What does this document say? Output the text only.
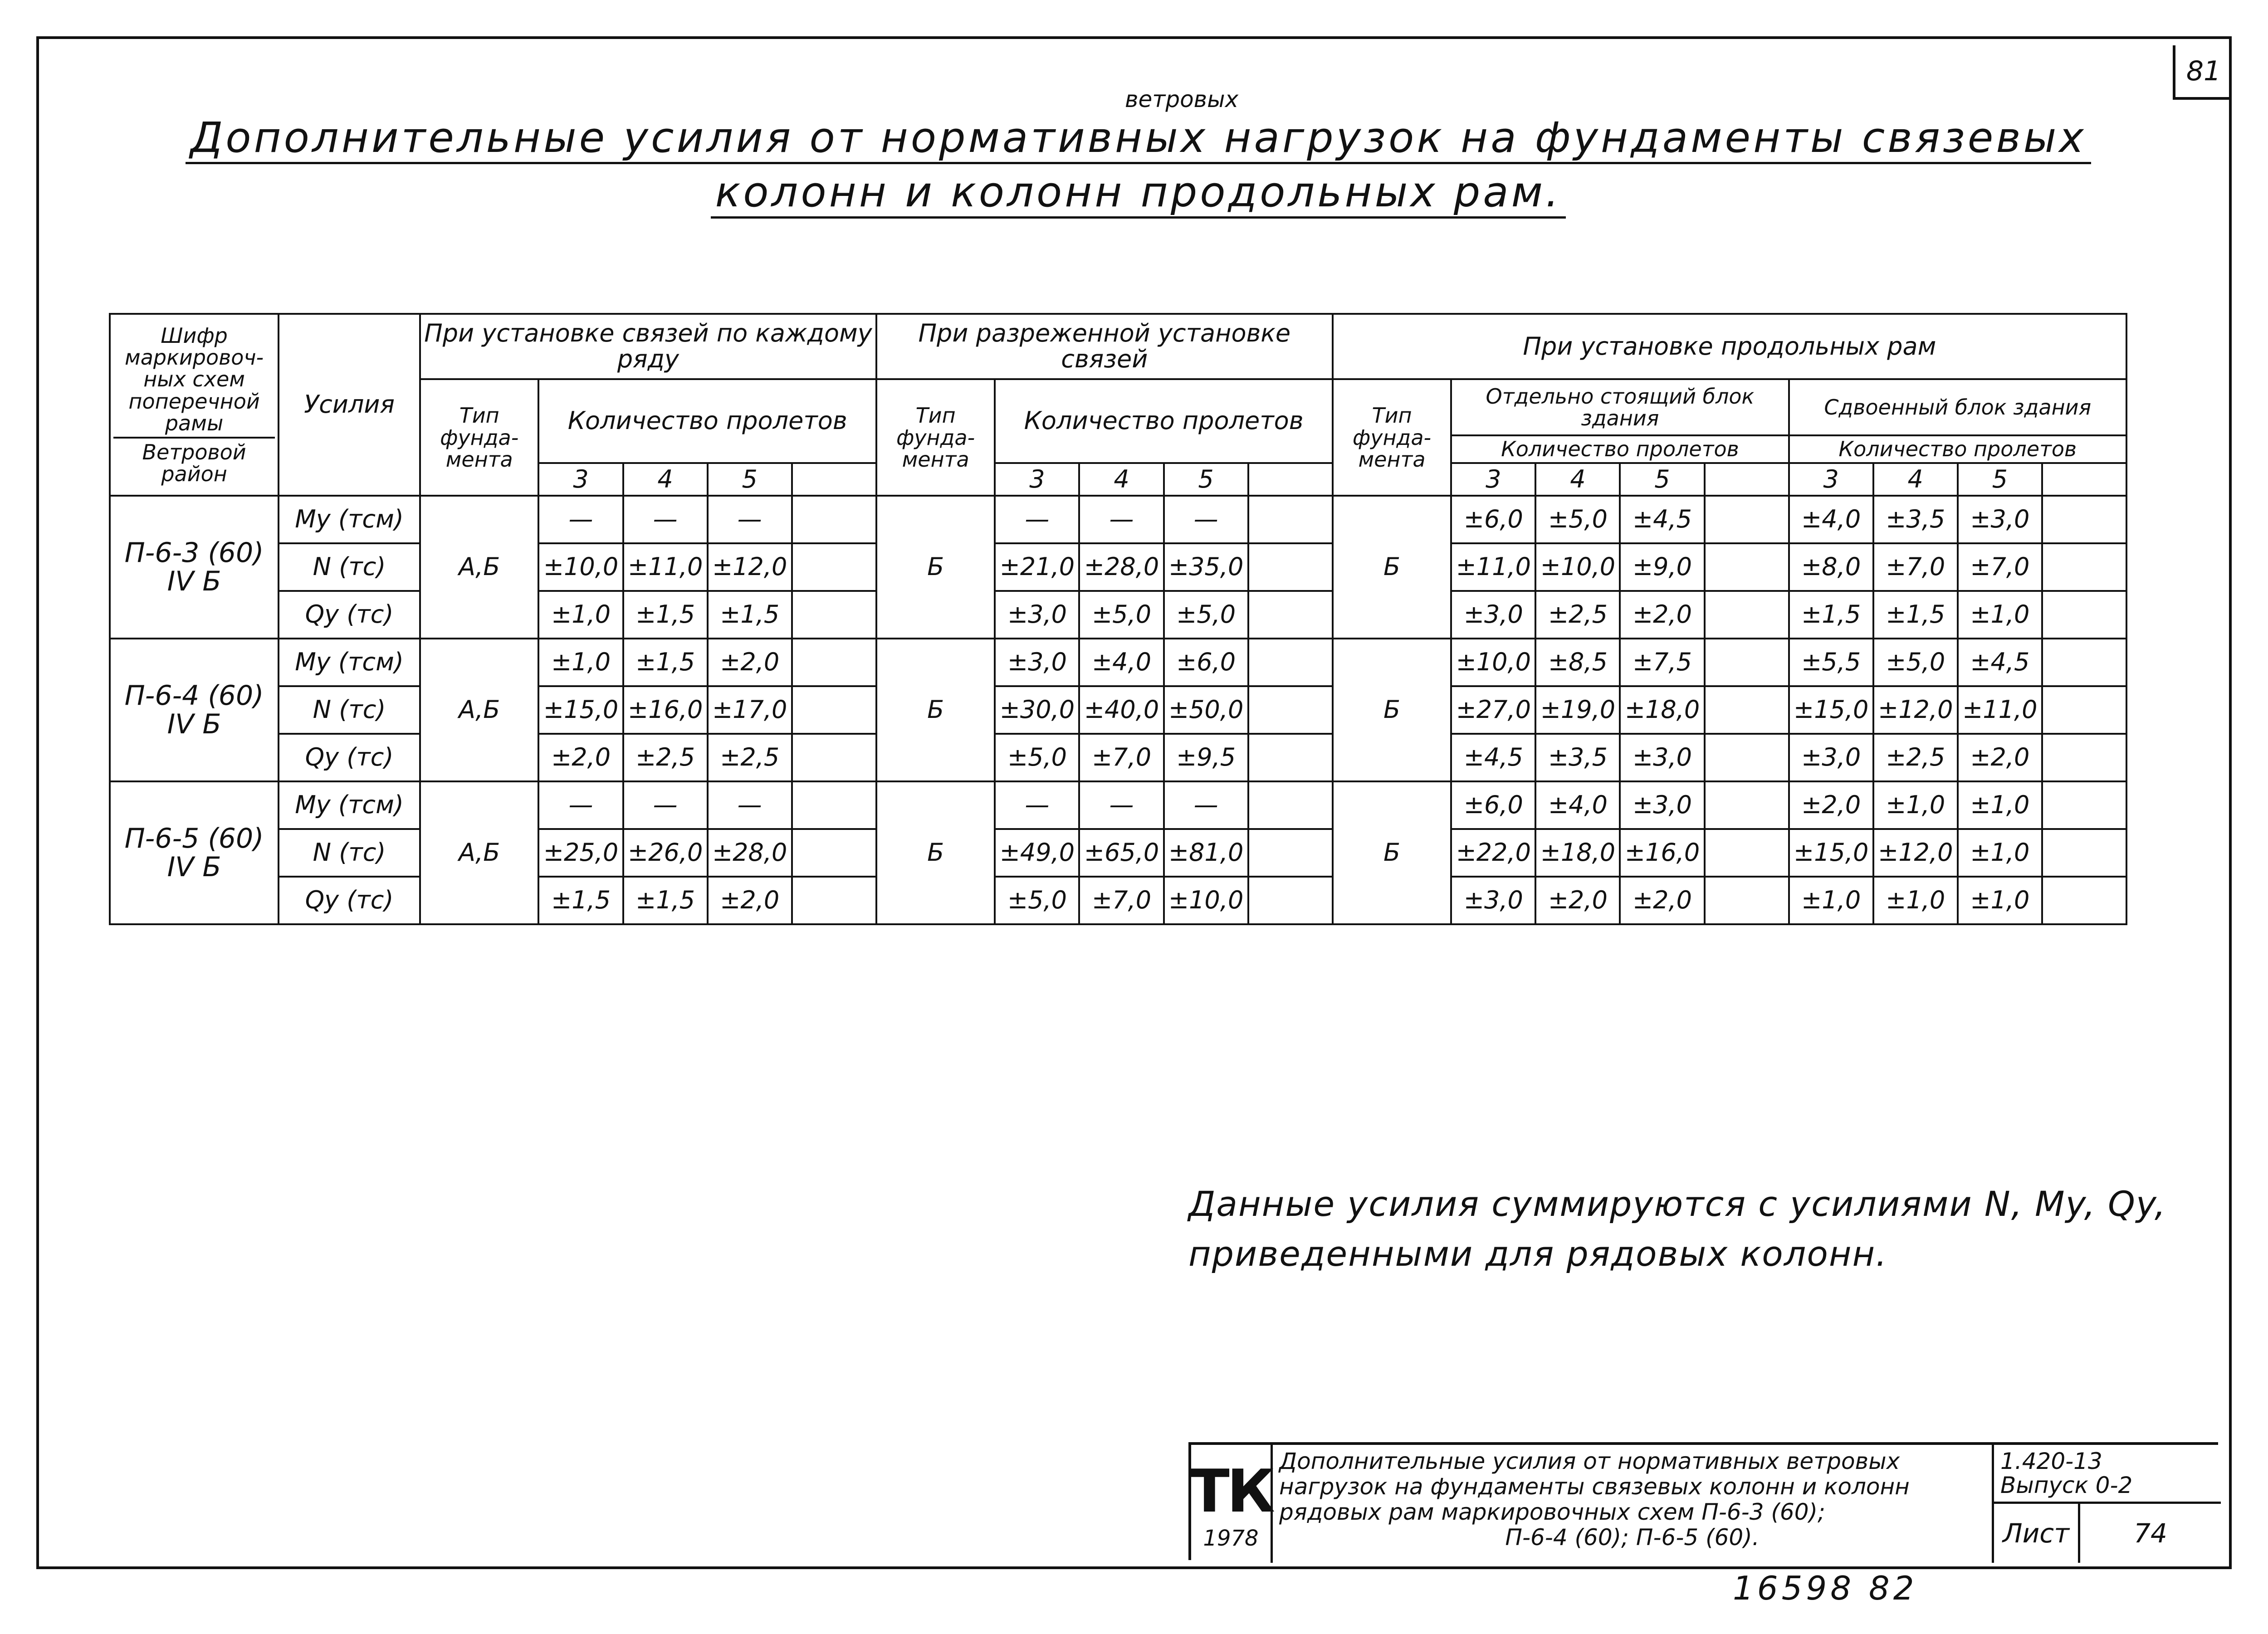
81
ветровых
Дополнительные усилия от нормативных нагрузок на фундаменты связевых
колонн и колонн продольных рам.
Шифр маркировоч-ных схем поперечной рамы
Ветровой район	Усилия	При установке связей по каждому ряду					При разреженной установке связей					При установке продольных рам								
		Тип фунда-мента	Количество пролетов				Тип фунда-мента	Количество пролетов				Тип фунда-мента	Отдельно стоящий блок здания				Сдвоенный блок здания			
													Количество пролетов				Количество пролетов			
			3	4	5			3	4	5			3	4	5		3	4	5	

П-6-3 (60)
IV Б	My (тсм)	А,Б	—	—	—		Б	—	—	—		Б	±6,0	±5,0	±4,5		±4,0	±3,5	±3,0	
	N (тс)		±10,0	±11,0	±12,0			±21,0	±28,0	±35,0			±11,0	±10,0	±9,0		±8,0	±7,0	±7,0	
	Qy (тс)		±1,0	±1,5	±1,5			±3,0	±5,0	±5,0			±3,0	±2,5	±2,0		±1,5	±1,5	±1,0	

П-6-4 (60)
IV Б	My (тсм)	А,Б	±1,0	±1,5	±2,0		Б	±3,0	±4,0	±6,0		Б	±10,0	±8,5	±7,5		±5,5	±5,0	±4,5	
	N (тс)		±15,0	±16,0	±17,0			±30,0	±40,0	±50,0			±27,0	±19,0	±18,0		±15,0	±12,0	±11,0	
	Qy (тс)		±2,0	±2,5	±2,5			±5,0	±7,0	±9,5			±4,5	±3,5	±3,0		±3,0	±2,5	±2,0	

П-6-5 (60)
IV Б	My (тсм)	А,Б	—	—	—		Б	—	—	—		Б	±6,0	±4,0	±3,0		±2,0	±1,0	±1,0	
	N (тс)		±25,0	±26,0	±28,0			±49,0	±65,0	±81,0			±22,0	±18,0	±16,0		±15,0	±12,0	±1,0	
	Qy (тс)		±1,5	±1,5	±2,0			±5,0	±7,0	±10,0			±3,0	±2,0	±2,0		±1,0	±1,0	±1,0	
Данные усилия суммируются с усилиями N, My, Qy,
приведенными для рядовых колонн.
ТК
1978
Дополнительные усилия от нормативных ветровых
нагрузок на фундаменты связевых колонн и колонн
рядовых рам маркировочных схем П-6-3 (60);
П-6-4 (60); П-6-5 (60).
1.420-13
Выпуск 0-2
Лист	74
16598 82
